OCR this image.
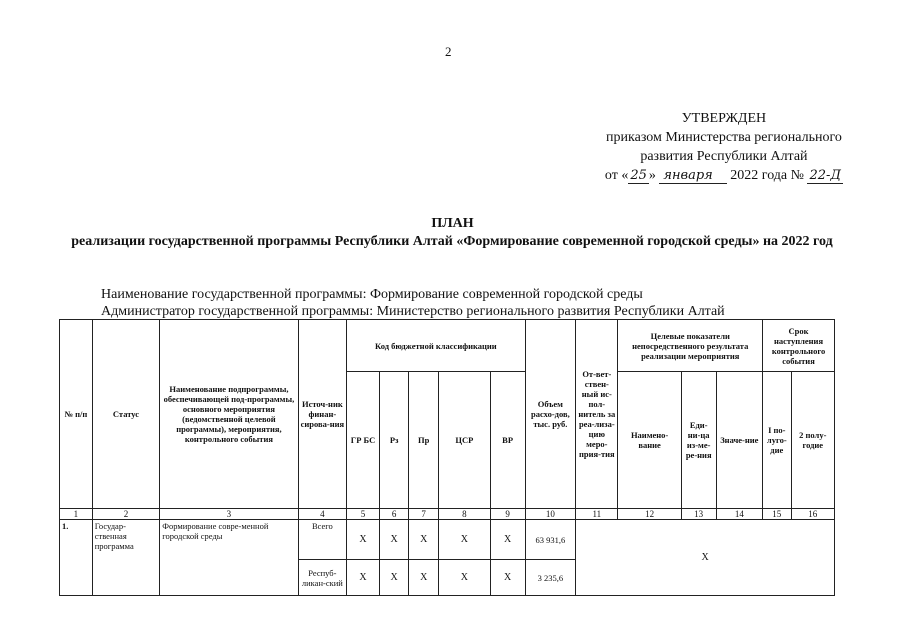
2
УТВЕРЖДЕН
приказом Министерства регионального
развития Республики Алтай
от « 25 » января 2022 года № 22-Д
ПЛАН
реализации государственной программы Республики Алтай «Формирование современной городской среды» на 2022 год
Наименование государственной программы: Формирование современной городской среды
Администратор государственной программы: Министерство регионального развития Республики Алтай
№ п/п	Статус	Наименование подпрограммы, обеспечивающей под-программы, основного мероприятия (ведомственной целевой программы), мероприятия, контрольного события	Источ-ник финан-сирова-ния	Код бюджетной классификации					Объем расхо-дов, тыс. руб.	От-вет-ствен-ный ис-пол-нитель за реа-лиза-цию меро-прия-тия	Целевые показатели непосредственного результата реализации мероприятия			Срок наступления контрольного события	
				ГР БС	Рз	Пр	ЦСР	ВР			Наимено-вание	Еди-ни-ца из-ме-ре-ния	Значе-ние	I по-луго-дие	2 полу-годие
1	2	3	4	5	6	7	8	9	10	11	12	13	14	15	16
1.	Государ-ственная программа	Формирование совре-менной городской среды	Всего	Х	Х	Х	Х	Х	63 931,6	Х					
			Респуб-ликан-ский	Х	Х	Х	Х	Х	3 235,6						
